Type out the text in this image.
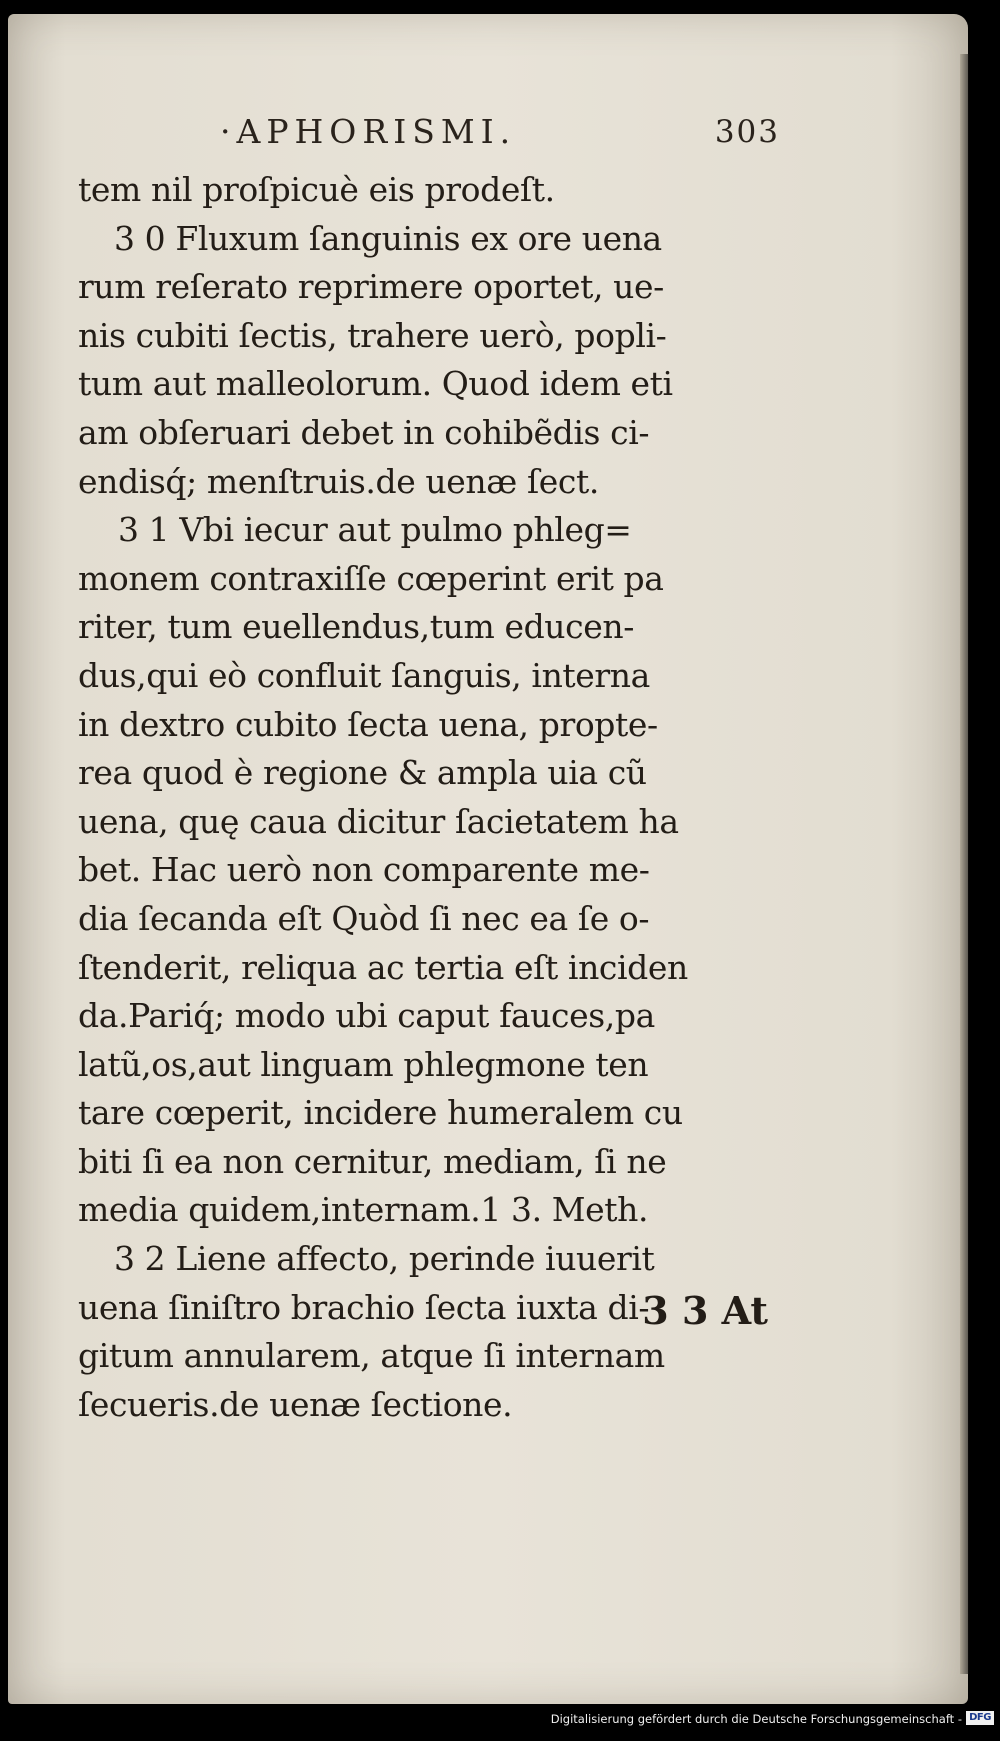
·APHORISMI.	303
tem nil proſpicuè eis prodeſt.
3 0 Fluxum ſanguinis ex ore uena
rum reſerato reprimere oportet, ue-
nis cubiti ſectis, trahere uerò, popli-
tum aut malleolorum. Quod idem eti
am obſeruari debet in cohibẽdis ci-
endisq́; menſtruis.de uenæ ſect.
3 1 Vbi iecur aut pulmo phleg=
monem contraxiſſe cœperint erit pa
riter, tum euellendus,tum educen-
dus,qui eò confluit ſanguis, interna
in dextro cubito ſecta uena, propte-
rea quod è regione & ampla uia cũ
uena, quę caua dicitur ſacietatem ha
bet. Hac uerò non comparente me-
dia ſecanda eſt Quòd ſi nec ea ſe o-
ſtenderit, reliqua ac tertia eſt inciden
da.Pariq́; modo ubi caput fauces,pa
latũ,os,aut linguam phlegmone ten
tare cœperit, incidere humeralem cu
biti ſi ea non cernitur, mediam, ſi ne
media quidem,internam.1 3. Meth.
3 2 Liene affecto, perinde iuuerit
uena ſiniſtro brachio ſecta iuxta di-
gitum annularem, atque ſi internam
ſecueris.de uenæ ſectione.
3 3 At
Digitalisierung gefördert durch die Deutsche Forschungsgemeinschaft - DFG
